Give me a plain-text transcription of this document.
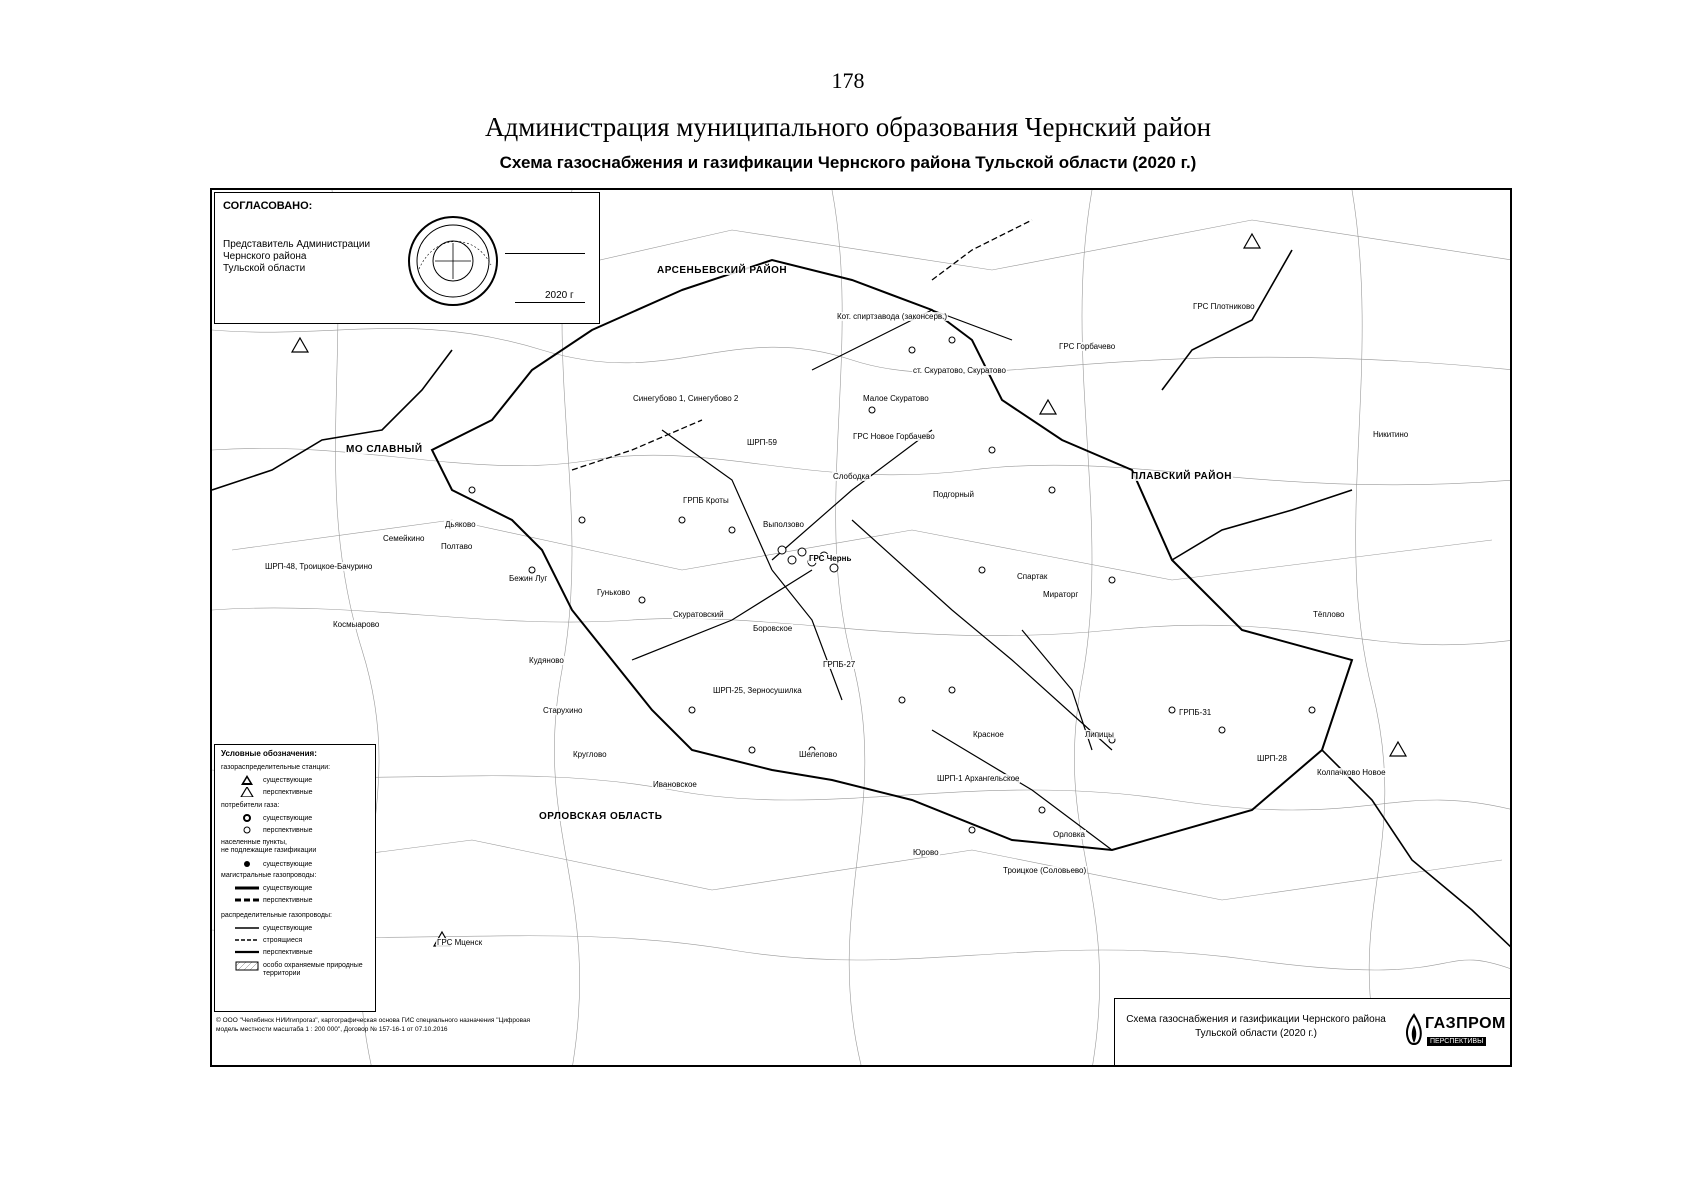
178
Администрация муниципального образования Чернский район
Схема газоснабжения и газификации Чернского района Тульской области (2020 г.)
СОГЛАСОВАНО:
Представитель Администрации
Чернского района
Тульской области
2020 г
АРСЕНЬЕВСКИЙ РАЙОН
МО СЛАВНЫЙ
ПЛАВСКИЙ РАЙОН
ОРЛОВСКАЯ ОБЛАСТЬ
ГРС Чернь
ГРС Горбачево
ГРС Плотниково
ГРС Мценск
ГРС Новое Горбачево
Кот. спиртзавода (законсерв.)
ст. Скуратово, Скуратово
Малое Скуратово
Синегубово 1, Синегубово 2
ШРП-59
ГРПБ Кроты
Выползово
Слободка
Подгорный
Спартак
Мираторг
ШРП-48, Троицкое-Бачурино
Космыарово
Семейкино
Полтаво
Дьяково
Бежин Луг
Гуньково
Скуратовский
Боровское
Кудяново
Старухино
ШРП-1 Архангельское
Юрово
Троицкое (Соловьево)
Орловка
Колпачково Новое
ШРП-25, Зерносушилка
ГРПБ-27
Красное	Липицы
ГРПБ-31
ШРП-28
Тёплово
Круглово
Ивановское
Шелепово
Никитино
Условные обозначения:
газораспределительные станции:
существующие
перспективные
потребители газа:
существующие
перспективные
населенные пункты,
не подлежащие газификации
существующие
магистральные газопроводы:
существующие
перспективные
распределительные газопроводы:
существующие
строящиеся
перспективные
особо охраняемые природные территории
© ООО "Челябинск НИИгипрогаз", картографическая основа ГИС специального назначения "Цифровая
модель местности масштаба 1 : 200 000", Договор № 157-16-1 от 07.10.2016
Схема газоснабжения и газификации Чернского района
Тульской области (2020 г.)
ГАЗПРОМ
ПЕРСПЕКТИВЫ
